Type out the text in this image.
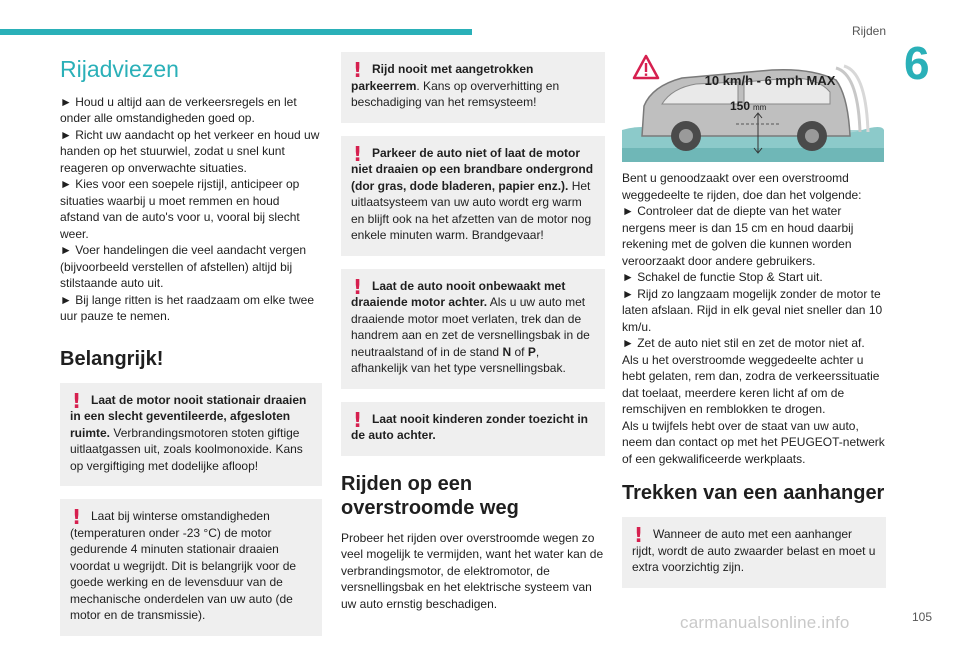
Rijden
6
Rijadviezen

► Houd u altijd aan de verkeersregels en let onder alle omstandigheden goed op.

► Richt uw aandacht op het verkeer en houd uw handen op het stuurwiel, zodat u snel kunt reageren op onverwachte situaties.

► Kies voor een soepele rijstijl, anticipeer op situaties waarbij u moet remmen en houd afstand van de auto's voor u, vooral bij slecht weer.

► Voer handelingen die veel aandacht vergen (bijvoorbeeld verstellen of afstellen) altijd bij stilstaande auto uit.

► Bij lange ritten is het raadzaam om elke twee uur pauze te nemen.

Belangrijk!
! Laat de motor nooit stationair draaien in een slecht geventileerde, afgesloten ruimte. Verbrandingsmotoren stoten giftige uitlaatgassen uit, zoals koolmonoxide. Kans op vergiftiging met dodelijke afloop!

! Laat bij winterse omstandigheden (temperaturen onder -23 °C) de motor gedurende 4 minuten stationair draaien voordat u wegrijdt. Dit is belangrijk voor de goede werking en de levensduur van de mechanische onderdelen van uw auto (de motor en de transmissie).

! Rijd nooit met aangetrokken parkeerrem. Kans op oververhitting en beschadiging van het remsysteem!

! Parkeer de auto niet of laat de motor niet draaien op een brandbare ondergrond (dor gras, dode bladeren, papier enz.). Het uitlaatsysteem van uw auto wordt erg warm en blijft ook na het afzetten van de motor nog enkele minuten warm. Brandgevaar!

! Laat de auto nooit onbewaakt met draaiende motor achter. Als u uw auto met draaiende motor moet verlaten, trek dan de handrem aan en zet de versnellingsbak in de neutraalstand of in de stand N of P, afhankelijk van het type versnellingsbak.

! Laat nooit kinderen zonder toezicht in de auto achter.

Rijden op een overstroomde weg

Probeer het rijden over overstroomde wegen zo veel mogelijk te vermijden, want het water kan de verbrandingsmotor, de elektromotor, de versnellingsbak en het elektrische systeem van uw auto ernstig beschadigen.

10 km/h - 6 mph MAX
150 mm

Bent u genoodzaakt over een overstroomd weggedeelte te rijden, doe dan het volgende:

► Controleer dat de diepte van het water nergens meer is dan 15 cm en houd daarbij rekening met de golven die kunnen worden veroorzaakt door andere gebruikers.

► Schakel de functie Stop & Start uit.

► Rijd zo langzaam mogelijk zonder de motor te laten afslaan. Rijd in elk geval niet sneller dan 10 km/u.

► Zet de auto niet stil en zet de motor niet af.

Als u het overstroomde weggedeelte achter u hebt gelaten, rem dan, zodra de verkeerssituatie dat toelaat, meerdere keren licht af om de remschijven en remblokken te drogen.

Als u twijfels hebt over de staat van uw auto, neem dan contact op met het PEUGEOT-netwerk of een gekwalificeerde werkplaats.

Trekken van een aanhanger
! Wanneer de auto met een aanhanger rijdt, wordt de auto zwaarder belast en moet u extra voorzichtig zijn.

carmanualsonline.info	105
